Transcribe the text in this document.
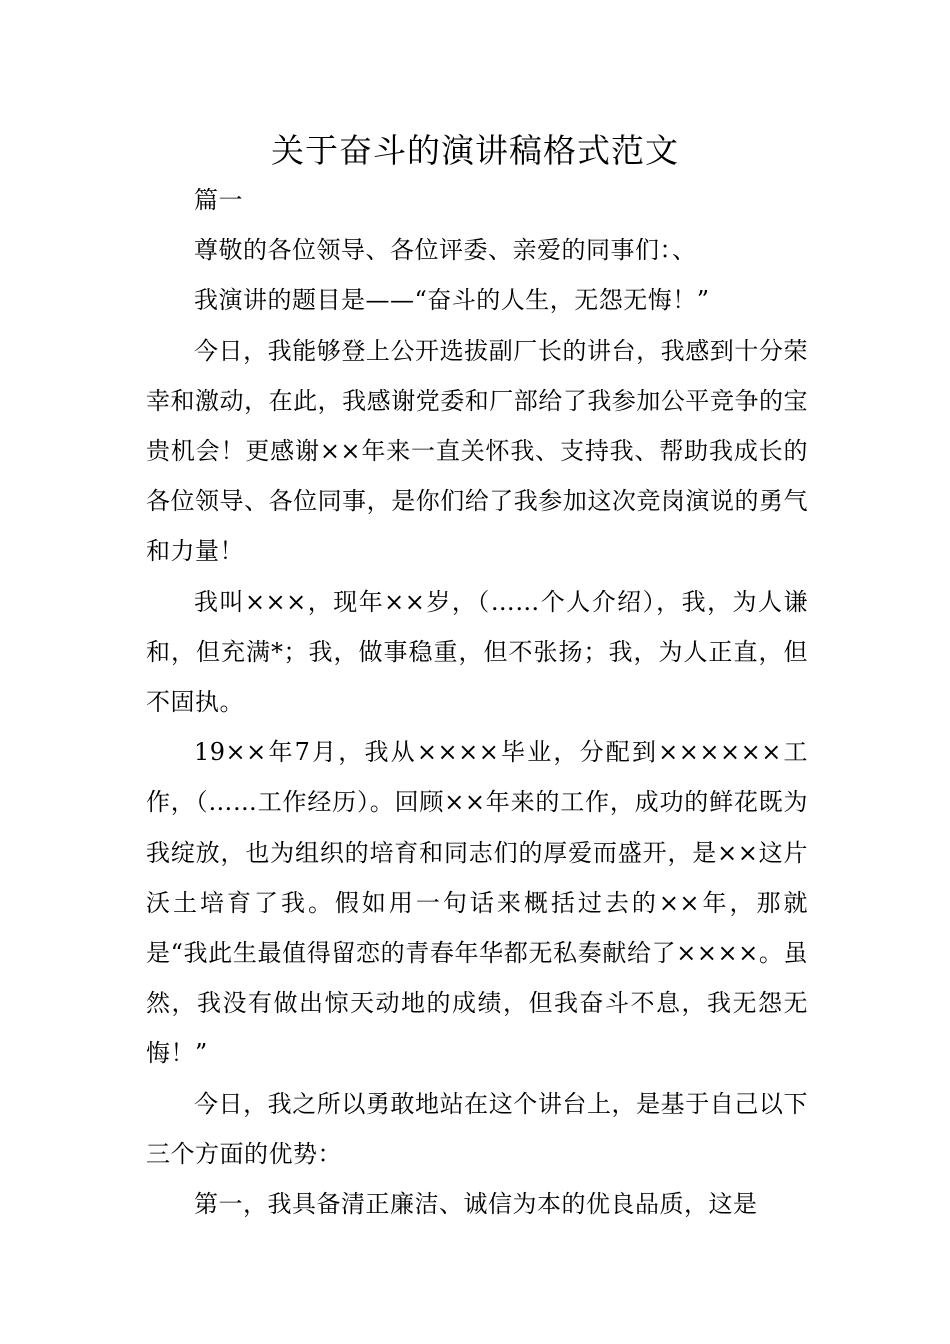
关于奋斗的演讲稿格式范文

篇一

尊敬的各位领导、各位评委、亲爱的同事们：、

我演讲的题目是——“奋斗的人生，无怨无悔！”

今日，我能够登上公开选拔副厂长的讲台，我感到十分荣幸和激动，在此，我感谢党委和厂部给了我参加公平竞争的宝贵机会！更感谢××年来一直关怀我、支持我、帮助我成长的各位领导、各位同事，是你们给了我参加这次竞岗演说的勇气和力量！

我叫×××，现年××岁，（……个人介绍），我，为人谦和，但充满*；我，做事稳重，但不张扬；我，为人正直，但不固执。

19××年7月，我从××××毕业，分配到××××××工作，（……工作经历）。回顾××年来的工作，成功的鲜花既为我绽放，也为组织的培育和同志们的厚爱而盛开，是××这片沃土培育了我。假如用一句话来概括过去的××年，那就是“我此生最值得留恋的青春年华都无私奏献给了××××。虽然，我没有做出惊天动地的成绩，但我奋斗不息，我无怨无悔！”

今日，我之所以勇敢地站在这个讲台上，是基于自己以下三个方面的优势：

第一，我具备清正廉洁、诚信为本的优良品质，这是
